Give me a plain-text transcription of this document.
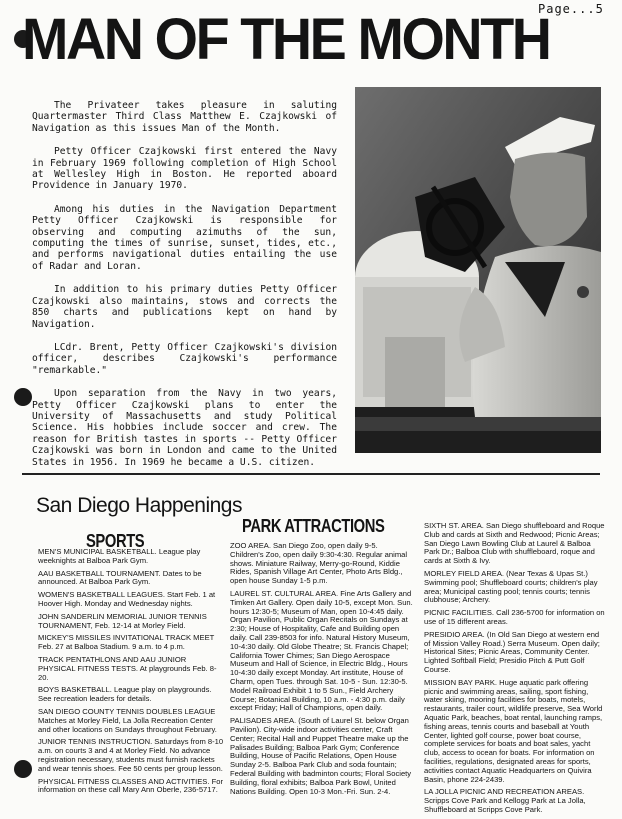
Page...5
MAN OF THE MONTH

The Privateer takes pleasure in saluting Quartermaster Third Class Matthew E. Czajkowski of Navigation as this issues Man of the Month.

Petty Officer Czajkowski first entered the Navy in February 1969 following completion of High School at Wellesley High in Boston. He reported aboard Providence in January 1970.

Among his duties in the Navigation Department Petty Officer Czajkowski is responsible for observing and computing azimuths of the sun, computing the times of sunrise, sunset, tides, etc., and performs navigational duties entailing the use of Radar and Loran.

In addition to his primary duties Petty Officer Czajkowski also maintains, stows and corrects the 850 charts and publications kept on hand by Navigation.

LCdr. Brent, Petty Officer Czajkowski's division officer, describes Czajkowski's performance "remarkable."

Upon separation from the Navy in two years, Petty Officer Czajkowski plans to enter the University of Massachusetts and study Political Science. His hobbies include soccer and crew. The reason for British tastes in sports -- Petty Officer Czajkowski was born in London and came to the United States in 1956. In 1969 he became a U.S. citizen.

San Diego Happenings
SPORTS

MEN'S MUNICIPAL BASKETBALL. League play weeknights at Balboa Park Gym.

AAU BASKETBALL TOURNAMENT. Dates to be announced. At Balboa Park Gym.

WOMEN'S BASKETBALL LEAGUES. Start Feb. 1 at Hoover High. Monday and Wednesday nights.

JOHN SANDERLIN MEMORIAL JUNIOR TENNIS TOURNAMENT, Feb. 12-14 at Morley Field.

MICKEY'S MISSILES INVITATIONAL TRACK MEET Feb. 27 at Balboa Stadium. 9 a.m. to 4 p.m.

TRACK PENTATHLONS AND AAU JUNIOR PHYSICAL FITNESS TESTS. At playgrounds Feb. 8-20.

BOYS BASKETBALL. League play on playgrounds. See recreation leaders for details.

SAN DIEGO COUNTY TENNIS DOUBLES LEAGUE Matches at Morley Field, La Jolla Recreation Center and other locations on Sundays throughout February.

JUNIOR TENNIS INSTRUCTION. Saturdays from 8-10 a.m. on courts 3 and 4 at Morley Field. No advance registration necessary, students must furnish rackets and wear tennis shoes. Fee 50 cents per group lesson.

PHYSICAL FITNESS CLASSES AND ACTIVITIES. For information on these call Mary Ann Oberle, 236-5717.

PARK ATTRACTIONS

ZOO AREA. San Diego Zoo, open daily 9-5. Children's Zoo, open daily 9:30-4:30. Regular animal shows. Miniature Railway, Merry-go-Round, Kiddie Rides, Spanish Village Art Center, Photo Arts Bldg., open house Sunday 1-5 p.m.

LAUREL ST. CULTURAL AREA. Fine Arts Gallery and Timken Art Gallery. Open daily 10-5, except Mon. Sun. hours 12:30-5; Museum of Man, open 10-4:45 daily. Organ Pavilion, Public Organ Recitals on Sundays at 2:30; House of Hospitality, Cafe and Building open daily. Call 239-8503 for info. Natural History Museum, 10-4:30 daily. Old Globe Theatre; St. Francis Chapel; California Tower Chimes; San Diego Aerospace Museum and Hall of Science, in Electric Bldg., Hours 10-4:30 daily except Monday. Art institute, House of Charm, open Tues. through Sat. 10-5 - Sun. 12:30-5. Model Railroad Exhibit 1 to 5 Sun., Field Archery Course; Botanical Building, 10 a.m. - 4:30 p.m. daily except Friday; Hall of Champions, open daily.

PALISADES AREA. (South of Laurel St. below Organ Pavilion). City-wide indoor activities center, Craft Center; Recital Hall and Puppet Theatre make up the Palisades Building; Balboa Park Gym; Conference Building, House of Pacific Relations, Open House Sunday 2-5. Balboa Park Club and soda fountain; Federal Building with badminton courts; Floral Society Building, floral exhibits; Balboa Park Bowl, United Nations Building. Open 10-3 Mon.-Fri. Sun. 2-4.

SIXTH ST. AREA. San Diego shuffleboard and Roque Club and cards at Sixth and Redwood; Picnic Areas; San Diego Lawn Bowling Club at Laurel & Balboa Park Dr.; Balboa Club with shuffleboard, roque and cards at Sixth & Ivy.

MORLEY FIELD AREA. (Near Texas & Upas St.) Swimming pool; Shuffleboard courts; children's play area; Municipal casting pool; tennis courts; tennis clubhouse; Archery.

PICNIC FACILITIES. Call 236-5700 for information on use of 15 different areas.

PRESIDIO AREA. (In Old San Diego at western end of Mission Valley Road.) Serra Museum. Open daily; Historical Sites; Picnic Areas, Community Center. Lighted Softball Field; Presidio Pitch & Putt Golf Course.

MISSION BAY PARK. Huge aquatic park offering picnic and swimming areas, sailing, sport fishing, water skiing, mooring facilities for boats, motels, restaurants, trailer court, wildlife preserve, Sea World Aquatic Park, beaches, boat rental, launching ramps, fishing areas, tennis courts and baseball at Youth Center, lighted golf course, power boat course, complete services for boats and boat sales, yacht club, access to ocean for boats. For information on facilities, regulations, designated areas for sports, activities contact Aquatic Headquarters on Quivira Basin, phone 224-2439.

LA JOLLA PICNIC AND RECREATION AREAS. Scripps Cove Park and Kellogg Park at La Jolla, Shuffleboard at Scripps Cove Park.
